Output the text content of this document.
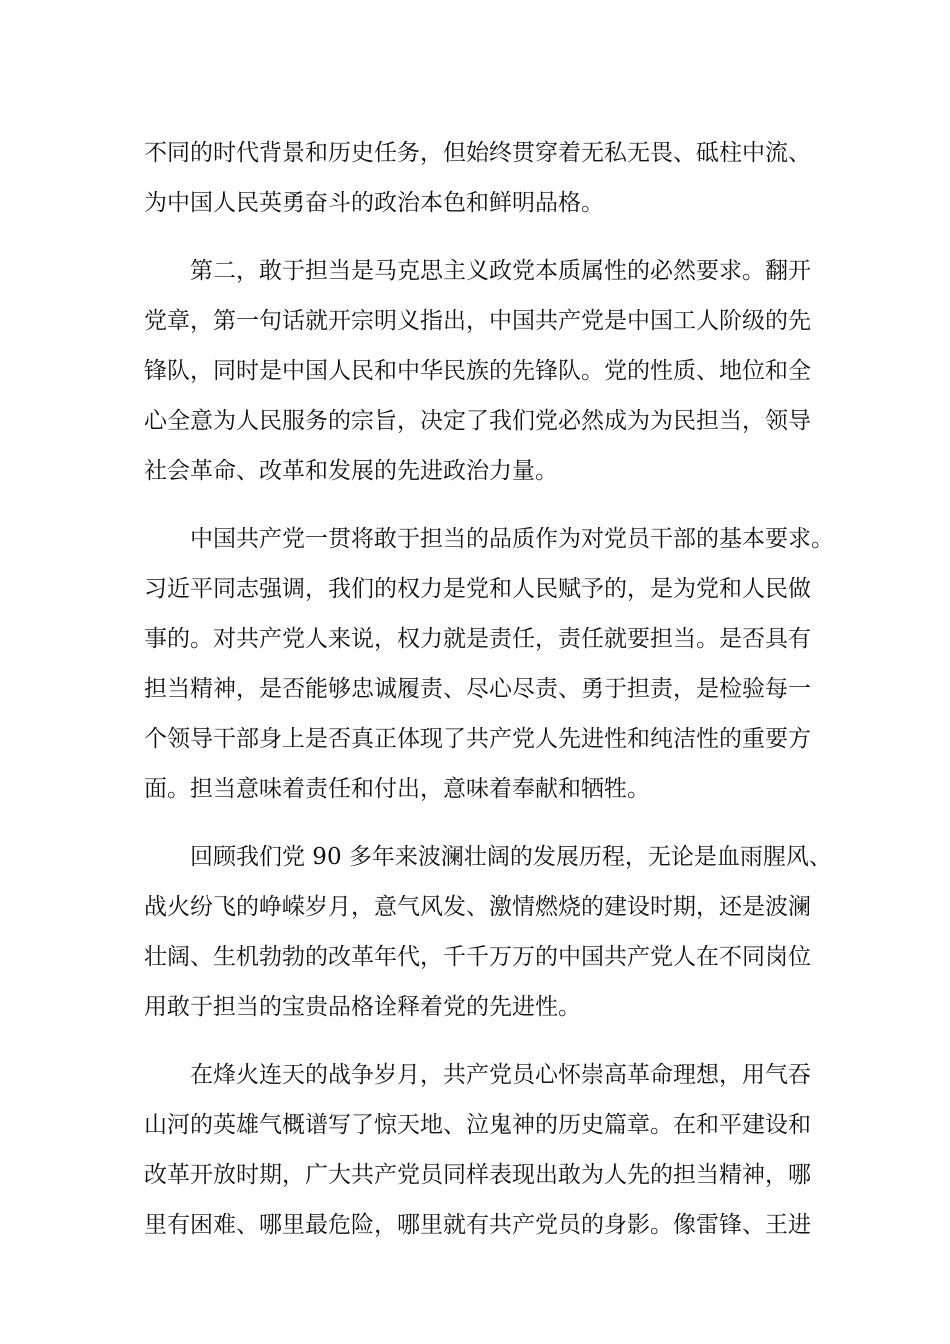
不同的时代背景和历史任务，但始终贯穿着无私无畏、砥柱中流、
为中国人民英勇奋斗的政治本色和鲜明品格。
第二，敢于担当是马克思主义政党本质属性的必然要求。翻开
党章，第一句话就开宗明义指出，中国共产党是中国工人阶级的先
锋队，同时是中国人民和中华民族的先锋队。党的性质、地位和全
心全意为人民服务的宗旨，决定了我们党必然成为为民担当，领导
社会革命、改革和发展的先进政治力量。
中国共产党一贯将敢于担当的品质作为对党员干部的基本要求。
习近平同志强调，我们的权力是党和人民赋予的，是为党和人民做
事的。对共产党人来说，权力就是责任，责任就要担当。是否具有
担当精神，是否能够忠诚履责、尽心尽责、勇于担责，是检验每一
个领导干部身上是否真正体现了共产党人先进性和纯洁性的重要方
面。担当意味着责任和付出，意味着奉献和牺牲。
回顾我们党 90 多年来波澜壮阔的发展历程，无论是血雨腥风、
战火纷飞的峥嵘岁月，意气风发、激情燃烧的建设时期，还是波澜
壮阔、生机勃勃的改革年代，千千万万的中国共产党人在不同岗位
用敢于担当的宝贵品格诠释着党的先进性。
在烽火连天的战争岁月，共产党员心怀崇高革命理想，用气吞
山河的英雄气概谱写了惊天地、泣鬼神的历史篇章。在和平建设和
改革开放时期，广大共产党员同样表现出敢为人先的担当精神，哪
里有困难、哪里最危险，哪里就有共产党员的身影。像雷锋、王进
